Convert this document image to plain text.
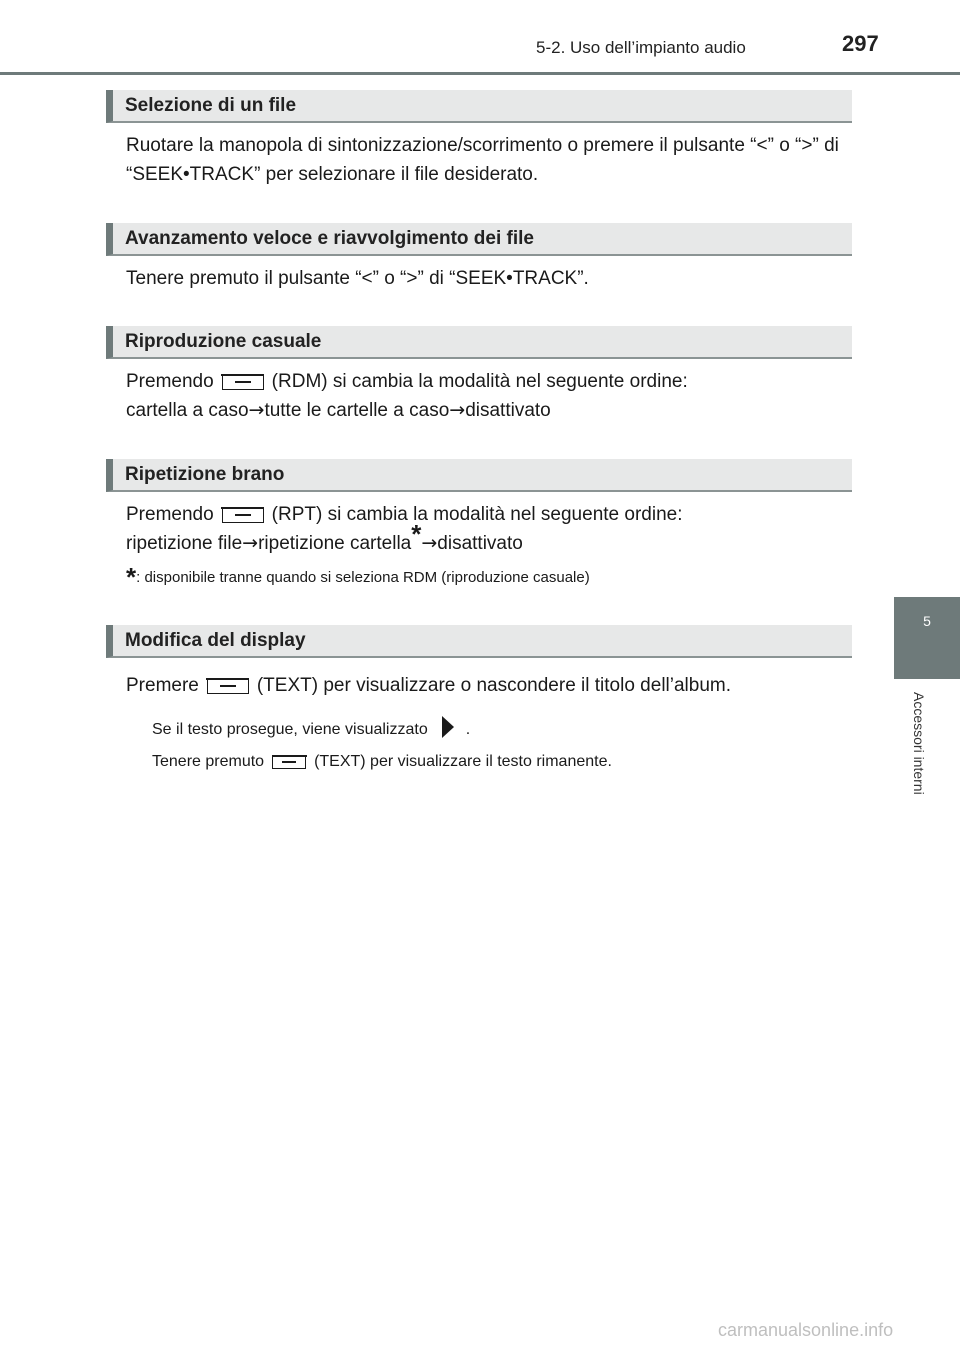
5-2. Uso dell’impianto audio	297
5
Accessori interni
Selezione di un file
Ruotare la manopola di sintonizzazione/scorrimento o premere il pulsante “<” o “>” di “SEEK•TRACK” per selezionare il file desiderato.
Avanzamento veloce e riavvolgimento dei file
Tenere premuto il pulsante “<” o “>” di “SEEK•TRACK”.
Riproduzione casuale
Premendo	(RDM) si cambia la modalità nel seguente ordine:
cartella a caso→tutte le cartelle a caso→disattivato
Ripetizione brano
Premendo	(RPT) si cambia la modalità nel seguente ordine:
ripetizione file→ripetizione cartella*→disattivato
*: disponibile tranne quando si seleziona RDM (riproduzione casuale)
Modifica del display
Premere	(TEXT) per visualizzare o nascondere il titolo dell’album.
Se il testo prosegue, viene visualizzato .
Tenere premuto	(TEXT) per visualizzare il testo rimanente.
carmanualsonline.info
